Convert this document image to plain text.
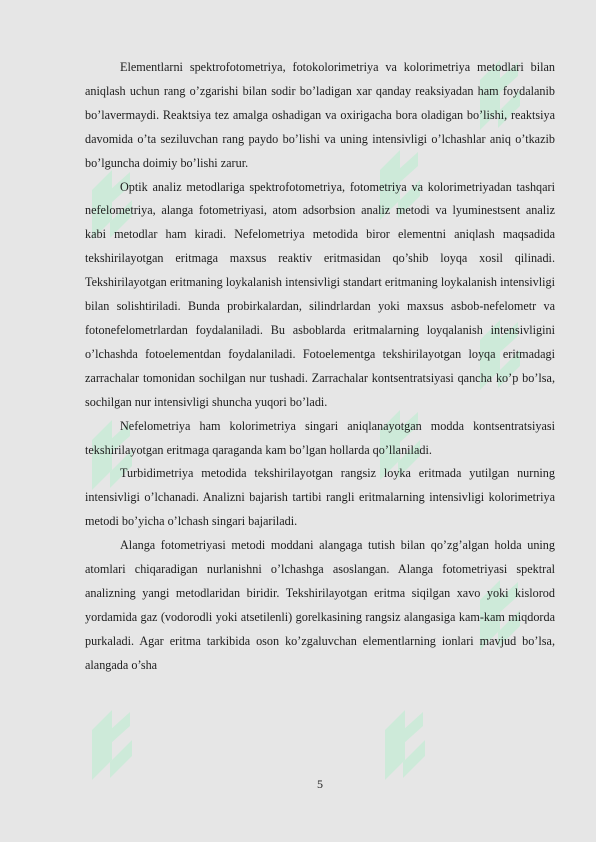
Elementlarni spektrofotometriya, fotokolorimetriya va kolorimetriya metodlari bilan aniqlash uchun rang o’zgarishi bilan sodir bo’ladigan xar qanday reaksiyadan ham foydalanib bo’lavermaydi. Reaktsiya tez amalga oshadigan va oxirigacha bora oladigan bo’lishi, reaktsiya davomida o’ta seziluvchan rang paydo bo’lishi va uning intensivligi o’lchashlar aniq o’tkazib bo’lguncha doimiy bo’lishi zarur.

Optik analiz metodlariga spektrofotometriya, fotometriya va kolorimetriyadan tashqari nefelometriya, alanga fotometriyasi, atom adsorbsion analiz metodi va lyuminestsent analiz kabi metodlar ham kiradi. Nefelometriya metodida biror elementni aniqlash maqsadida tekshirilayotgan eritmaga maxsus reaktiv eritmasidan qo’shib loyqa xosil qilinadi. Tekshirilayotgan eritmaning loykalanish intensivligi standart eritmaning loykalanish intensivligi bilan solishtiriladi. Bunda probirkalardan, silindrlardan yoki maxsus asbob-nefelometr va fotonefelometrlardan foydalaniladi. Bu asboblarda eritmalarning loyqalanish intensivligini o’lchashda fotoelementdan foydalaniladi. Fotoelementga tekshirilayotgan loyqa eritmadagi zarrachalar tomonidan sochilgan nur tushadi. Zarrachalar kontsentratsiyasi qancha ko’p bo’lsa, sochilgan nur intensivligi shuncha yuqori bo’ladi.

Nefelometriya ham kolorimetriya singari aniqlanayotgan modda kontsentratsiyasi tekshirilayotgan eritmaga qaraganda kam bo’lgan hollarda qo’llaniladi.

Turbidimetriya metodida tekshirilayotgan rangsiz loyka eritmada yutilgan nurning intensivligi o’lchanadi. Analizni bajarish tartibi rangli eritmalarning intensivligi kolorimetriya metodi bo’yicha o’lchash singari bajariladi.

Alanga fotometriyasi metodi moddani alangaga tutish bilan qo’zg’algan holda uning atomlari chiqaradigan nurlanishni o’lchashga asoslangan. Alanga fotometriyasi spektral analizning yangi metodlaridan biridir. Tekshirilayotgan eritma siqilgan xavo yoki kislorod yordamida gaz (vodorodli yoki atsetilenli) gorelkasining rangsiz alangasiga kam-kam miqdorda purkaladi. Agar eritma tarkibida oson ko’zgaluvchan elementlarning ionlari mavjud bo’lsa, alangada o’sha

5
